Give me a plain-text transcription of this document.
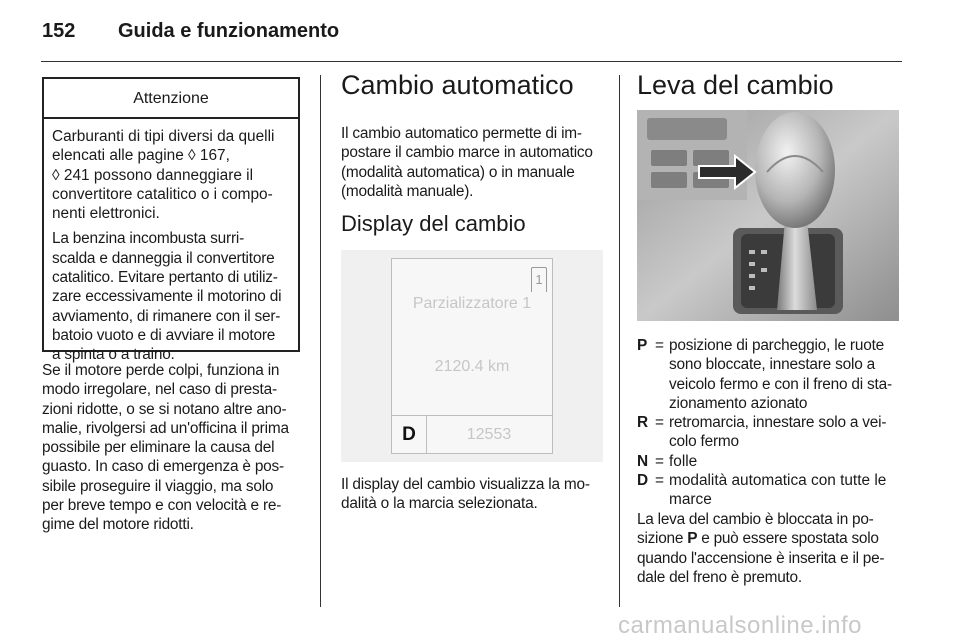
152 Guida e funzionamento
Attenzione

Carburanti di tipi diversi da quelli
elencati alle pagine ◊ 167,
◊ 241 possono danneggiare il
convertitore catalitico o i compo-
nenti elettronici.

La benzina incombusta surri-
scalda e danneggia il convertitore
catalitico. Evitare pertanto di utiliz-
zare eccessivamente il motorino di
avviamento, di rimanere con il ser-
batoio vuoto e di avviare il motore
a spinta o a traino.

Se il motore perde colpi, funziona in
modo irregolare, nel caso di presta-
zioni ridotte, o se si notano altre ano-
malie, rivolgersi ad un'officina il prima
possibile per eliminare la causa del
guasto. In caso di emergenza è pos-
sibile proseguire il viaggio, ma solo
per breve tempo e con velocità e re-
gime del motore ridotti.
Cambio automatico
Il cambio automatico permette di im-
postare il cambio marce in automatico
(modalità automatica) o in manuale
(modalità manuale).
Display del cambio
1
Parzializzatore 1
2120.4 km
D	12553
Il display del cambio visualizza la mo-
dalità o la marcia selezionata.
Leva del cambio
P = posizione di parcheggio, le ruote
sono bloccate, innestare solo a
veicolo fermo e con il freno di sta-
zionamento azionato
R = retromarcia, innestare solo a vei-
colo fermo
N = folle
D = modalità automatica con tutte le
marce
La leva del cambio è bloccata in po-
sizione P e può essere spostata solo
quando l'accensione è inserita e il pe-
dale del freno è premuto.
carmanualsonline.info
